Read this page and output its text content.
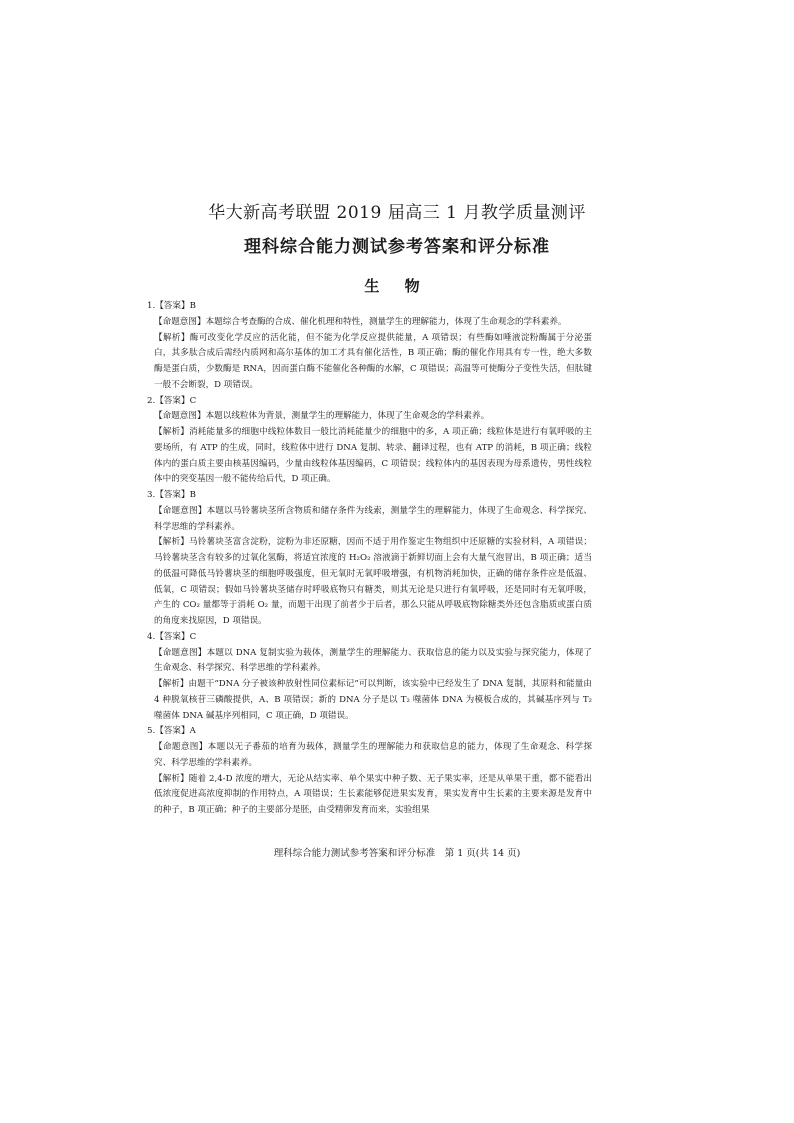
华大新高考联盟 2019 届高三 1 月教学质量测评
理科综合能力测试参考答案和评分标准
生 物
1.【答案】B
【命题意图】本题综合考查酶的合成、催化机理和特性，测量学生的理解能力，体现了生命观念的学科素养。
【解析】酶可改变化学反应的活化能，但不能为化学反应提供能量，A 项错误；有些酶如唾液淀粉酶属于分泌蛋白，其多肽合成后需经内质网和高尔基体的加工才具有催化活性，B 项正确；酶的催化作用具有专一性，绝大多数酶是蛋白质，少数酶是 RNA，因而蛋白酶不能催化各种酶的水解，C 项错误；高温等可使酶分子变性失活，但肽键一般不会断裂，D 项错误。
2.【答案】C
【命题意图】本题以线粒体为背景，测量学生的理解能力，体现了生命观念的学科素养。
【解析】消耗能量多的细胞中线粒体数目一般比消耗能量少的细胞中的多，A 项正确；线粒体是进行有氧呼吸的主要场所，有 ATP 的生成，同时，线粒体中进行 DNA 复制、转录、翻译过程，也有 ATP 的消耗，B 项正确；线粒体内的蛋白质主要由核基因编码，少量由线粒体基因编码，C 项错误；线粒体内的基因表现为母系遗传，男性线粒体中的突变基因一般不能传给后代，D 项正确。
3.【答案】B
【命题意图】本题以马铃薯块茎所含物质和储存条件为线索，测量学生的理解能力，体现了生命观念、科学探究、科学思维的学科素养。
【解析】马铃薯块茎富含淀粉，淀粉为非还原糖，因而不适于用作鉴定生物组织中还原糖的实验材料，A 项错误；马铃薯块茎含有较多的过氧化氢酶，将适宜浓度的 H₂O₂ 溶液滴于新鲜切面上会有大量气泡冒出，B 项正确；适当的低温可降低马铃薯块茎的细胞呼吸强度，但无氧时无氧呼吸增强，有机物消耗加快，正确的储存条件应是低温、低氧，C 项错误；假如马铃薯块茎储存时呼吸底物只有糖类，则其无论是只进行有氧呼吸，还是同时有无氧呼吸，产生的 CO₂ 量都等于消耗 O₂ 量，而题干出现了前者少于后者，那么只能从呼吸底物除糖类外还包含脂质或蛋白质的角度来找原因，D 项错误。
4.【答案】C
【命题意图】本题以 DNA 复制实验为载体，测量学生的理解能力、获取信息的能力以及实验与探究能力，体现了生命观念、科学探究、科学思维的学科素养。
【解析】由题干“DNA 分子被该种放射性同位素标记”可以判断，该实验中已经发生了 DNA 复制，其原料和能量由 4 种脱氧核苷三磷酸提供，A、B 项错误；新的 DNA 分子是以 T₂ 噬菌体 DNA 为模板合成的，其碱基序列与 T₂ 噬菌体 DNA 碱基序列相同，C 项正确，D 项错误。
5.【答案】A
【命题意图】本题以无子番茄的培育为载体，测量学生的理解能力和获取信息的能力，体现了生命观念、科学探究、科学思维的学科素养。
【解析】随着 2,4-D 浓度的增大，无论从结实率、单个果实中种子数、无子果实率，还是从单果干重，都不能看出低浓度促进高浓度抑制的作用特点，A 项错误；生长素能够促进果实发育，果实发育中生长素的主要来源是发育中的种子，B 项正确；种子的主要部分是胚，由受精卵发育而来，实验组果
理科综合能力测试参考答案和评分标准　第 1 页(共 14 页)
